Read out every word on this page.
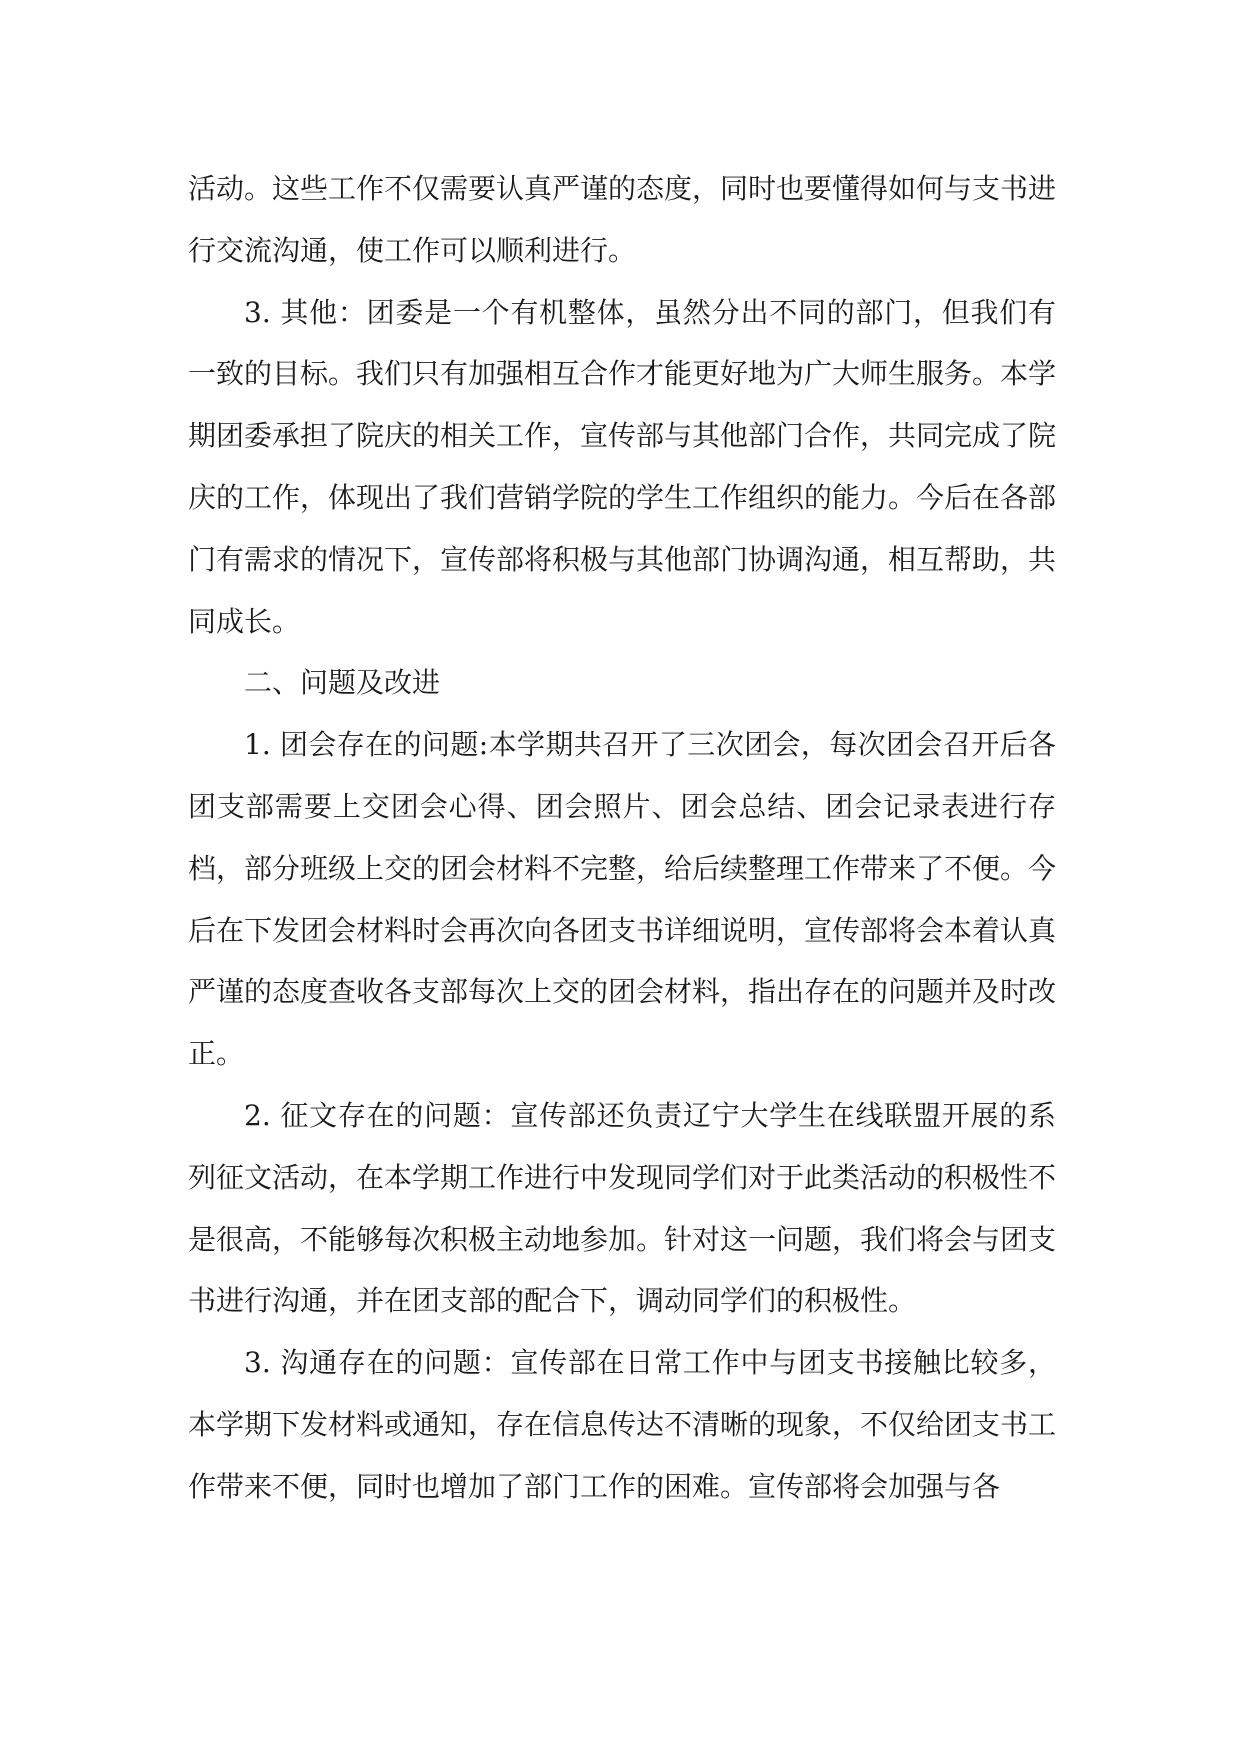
活动。这些工作不仅需要认真严谨的态度，同时也要懂得如何与支书进行交流沟通，使工作可以顺利进行。

3. 其他：团委是一个有机整体，虽然分出不同的部门，但我们有一致的目标。我们只有加强相互合作才能更好地为广大师生服务。本学期团委承担了院庆的相关工作，宣传部与其他部门合作，共同完成了院庆的工作，体现出了我们营销学院的学生工作组织的能力。今后在各部门有需求的情况下，宣传部将积极与其他部门协调沟通，相互帮助，共同成长。

二、问题及改进

1. 团会存在的问题:本学期共召开了三次团会，每次团会召开后各团支部需要上交团会心得、团会照片、团会总结、团会记录表进行存档，部分班级上交的团会材料不完整，给后续整理工作带来了不便。今后在下发团会材料时会再次向各团支书详细说明，宣传部将会本着认真严谨的态度查收各支部每次上交的团会材料，指出存在的问题并及时改正。

2. 征文存在的问题：宣传部还负责辽宁大学生在线联盟开展的系列征文活动，在本学期工作进行中发现同学们对于此类活动的积极性不是很高，不能够每次积极主动地参加。针对这一问题，我们将会与团支书进行沟通，并在团支部的配合下，调动同学们的积极性。

3. 沟通存在的问题：宣传部在日常工作中与团支书接触比较多，本学期下发材料或通知，存在信息传达不清晰的现象，不仅给团支书工作带来不便，同时也增加了部门工作的困难。宣传部将会加强与各
